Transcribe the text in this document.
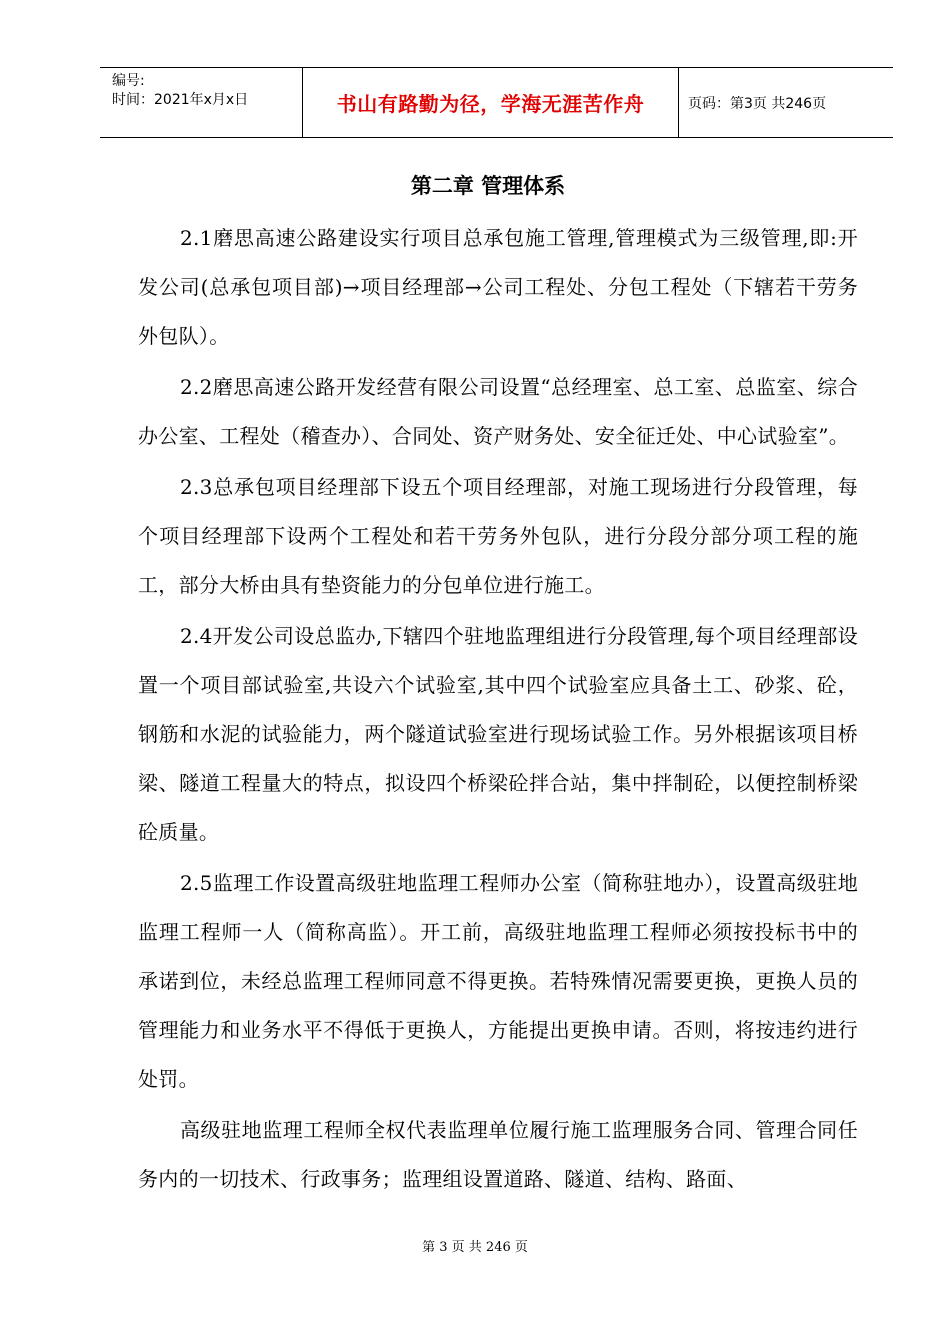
编号:
时间：2021年x月x日	书山有路勤为径，学海无涯苦作舟	页码：第3页 共246页
第二章 管理体系

2.1磨思高速公路建设实行项目总承包施工管理,管理模式为三级管理,即:开发公司(总承包项目部)→项目经理部→公司工程处、分包工程处（下辖若干劳务外包队）。

2.2磨思高速公路开发经营有限公司设置“总经理室、总工室、总监室、综合办公室、工程处（稽查办）、合同处、资产财务处、安全征迁处、中心试验室”。

2.3总承包项目经理部下设五个项目经理部，对施工现场进行分段管理，每个项目经理部下设两个工程处和若干劳务外包队，进行分段分部分项工程的施工，部分大桥由具有垫资能力的分包单位进行施工。

2.4开发公司设总监办,下辖四个驻地监理组进行分段管理,每个项目经理部设置一个项目部试验室,共设六个试验室,其中四个试验室应具备土工、砂浆、砼，钢筋和水泥的试验能力，两个隧道试验室进行现场试验工作。另外根据该项目桥梁、隧道工程量大的特点，拟设四个桥梁砼拌合站，集中拌制砼，以便控制桥梁砼质量。

2.5监理工作设置高级驻地监理工程师办公室（简称驻地办），设置高级驻地监理工程师一人（简称高监）。开工前，高级驻地监理工程师必须按投标书中的承诺到位，未经总监理工程师同意不得更换。若特殊情况需要更换，更换人员的管理能力和业务水平不得低于更换人，方能提出更换申请。否则，将按违约进行处罚。

高级驻地监理工程师全权代表监理单位履行施工监理服务合同、管理合同任务内的一切技术、行政事务；监理组设置道路、隧道、结构、路面、

第 3 页 共 246 页
